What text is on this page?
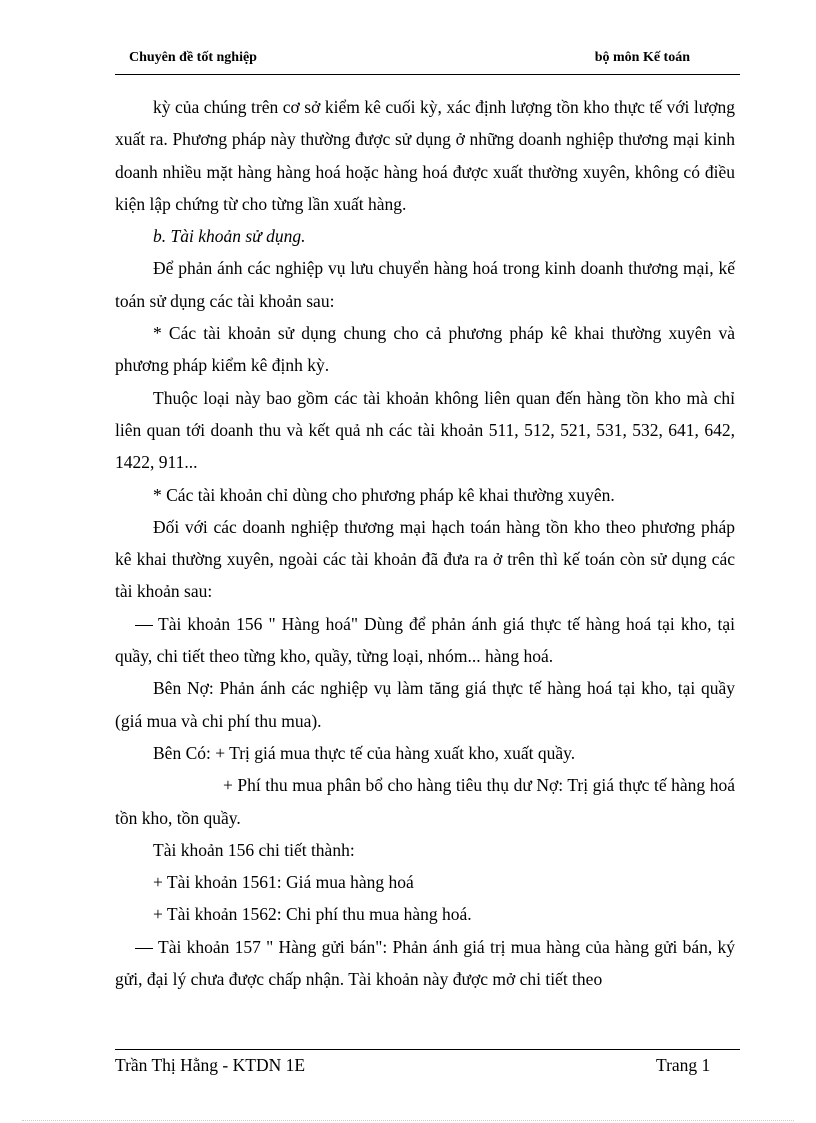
Chuyên đề tốt nghiệp	bộ môn Kế toán

kỳ của chúng trên cơ sở kiểm kê cuối kỳ, xác định lượng tồn kho thực tế với lượng xuất ra. Phương pháp này thường được sử dụng ở những doanh nghiệp thương mại kinh doanh nhiều mặt hàng hàng hoá hoặc hàng hoá được xuất thường xuyên, không có điều kiện lập chứng từ cho từng lần xuất hàng.

b. Tài khoản sử dụng.

Để phản ánh các nghiệp vụ lưu chuyển hàng hoá trong kinh doanh thương mại, kế toán sử dụng các tài khoản sau:

* Các tài khoản sử dụng chung cho cả phương pháp kê khai thường xuyên và phương pháp kiểm kê định kỳ.

Thuộc loại này bao gồm các tài khoản không liên quan đến hàng tồn kho mà chỉ liên quan tới doanh thu và kết quả nh các tài khoản 511, 512, 521, 531, 532, 641, 642, 1422, 911...

* Các tài khoản chỉ dùng cho phương pháp kê khai thường xuyên.

Đối với các doanh nghiệp thương mại hạch toán hàng tồn kho theo phương pháp kê khai thường xuyên, ngoài các tài khoản đã đưa ra ở trên thì kế toán còn sử dụng các tài khoản sau:

Tài khoản 156 " Hàng hoá" Dùng để phản ánh giá thực tế hàng hoá tại kho, tại quầy, chi tiết theo từng kho, quầy, từng loại, nhóm... hàng hoá.

Bên Nợ: Phản ánh các nghiệp vụ làm tăng giá thực tế hàng hoá tại kho, tại quầy (giá mua và chi phí thu mua).

Bên Có: + Trị giá mua thực tế của hàng xuất kho, xuất quầy.

+ Phí thu mua phân bổ cho hàng tiêu thụ dư Nợ: Trị giá thực tế hàng hoá tồn kho, tồn quầy.

Tài khoản 156 chi tiết thành:

+ Tài khoản 1561: Giá mua hàng hoá

+ Tài khoản 1562: Chi phí thu mua hàng hoá.

Tài khoản 157 " Hàng gửi bán": Phản ánh giá trị mua hàng của hàng gửi bán, ký gửi, đại lý chưa được chấp nhận. Tài khoản này được mở chi tiết theo

Trần Thị Hằng - KTDN 1E	Trang 1
